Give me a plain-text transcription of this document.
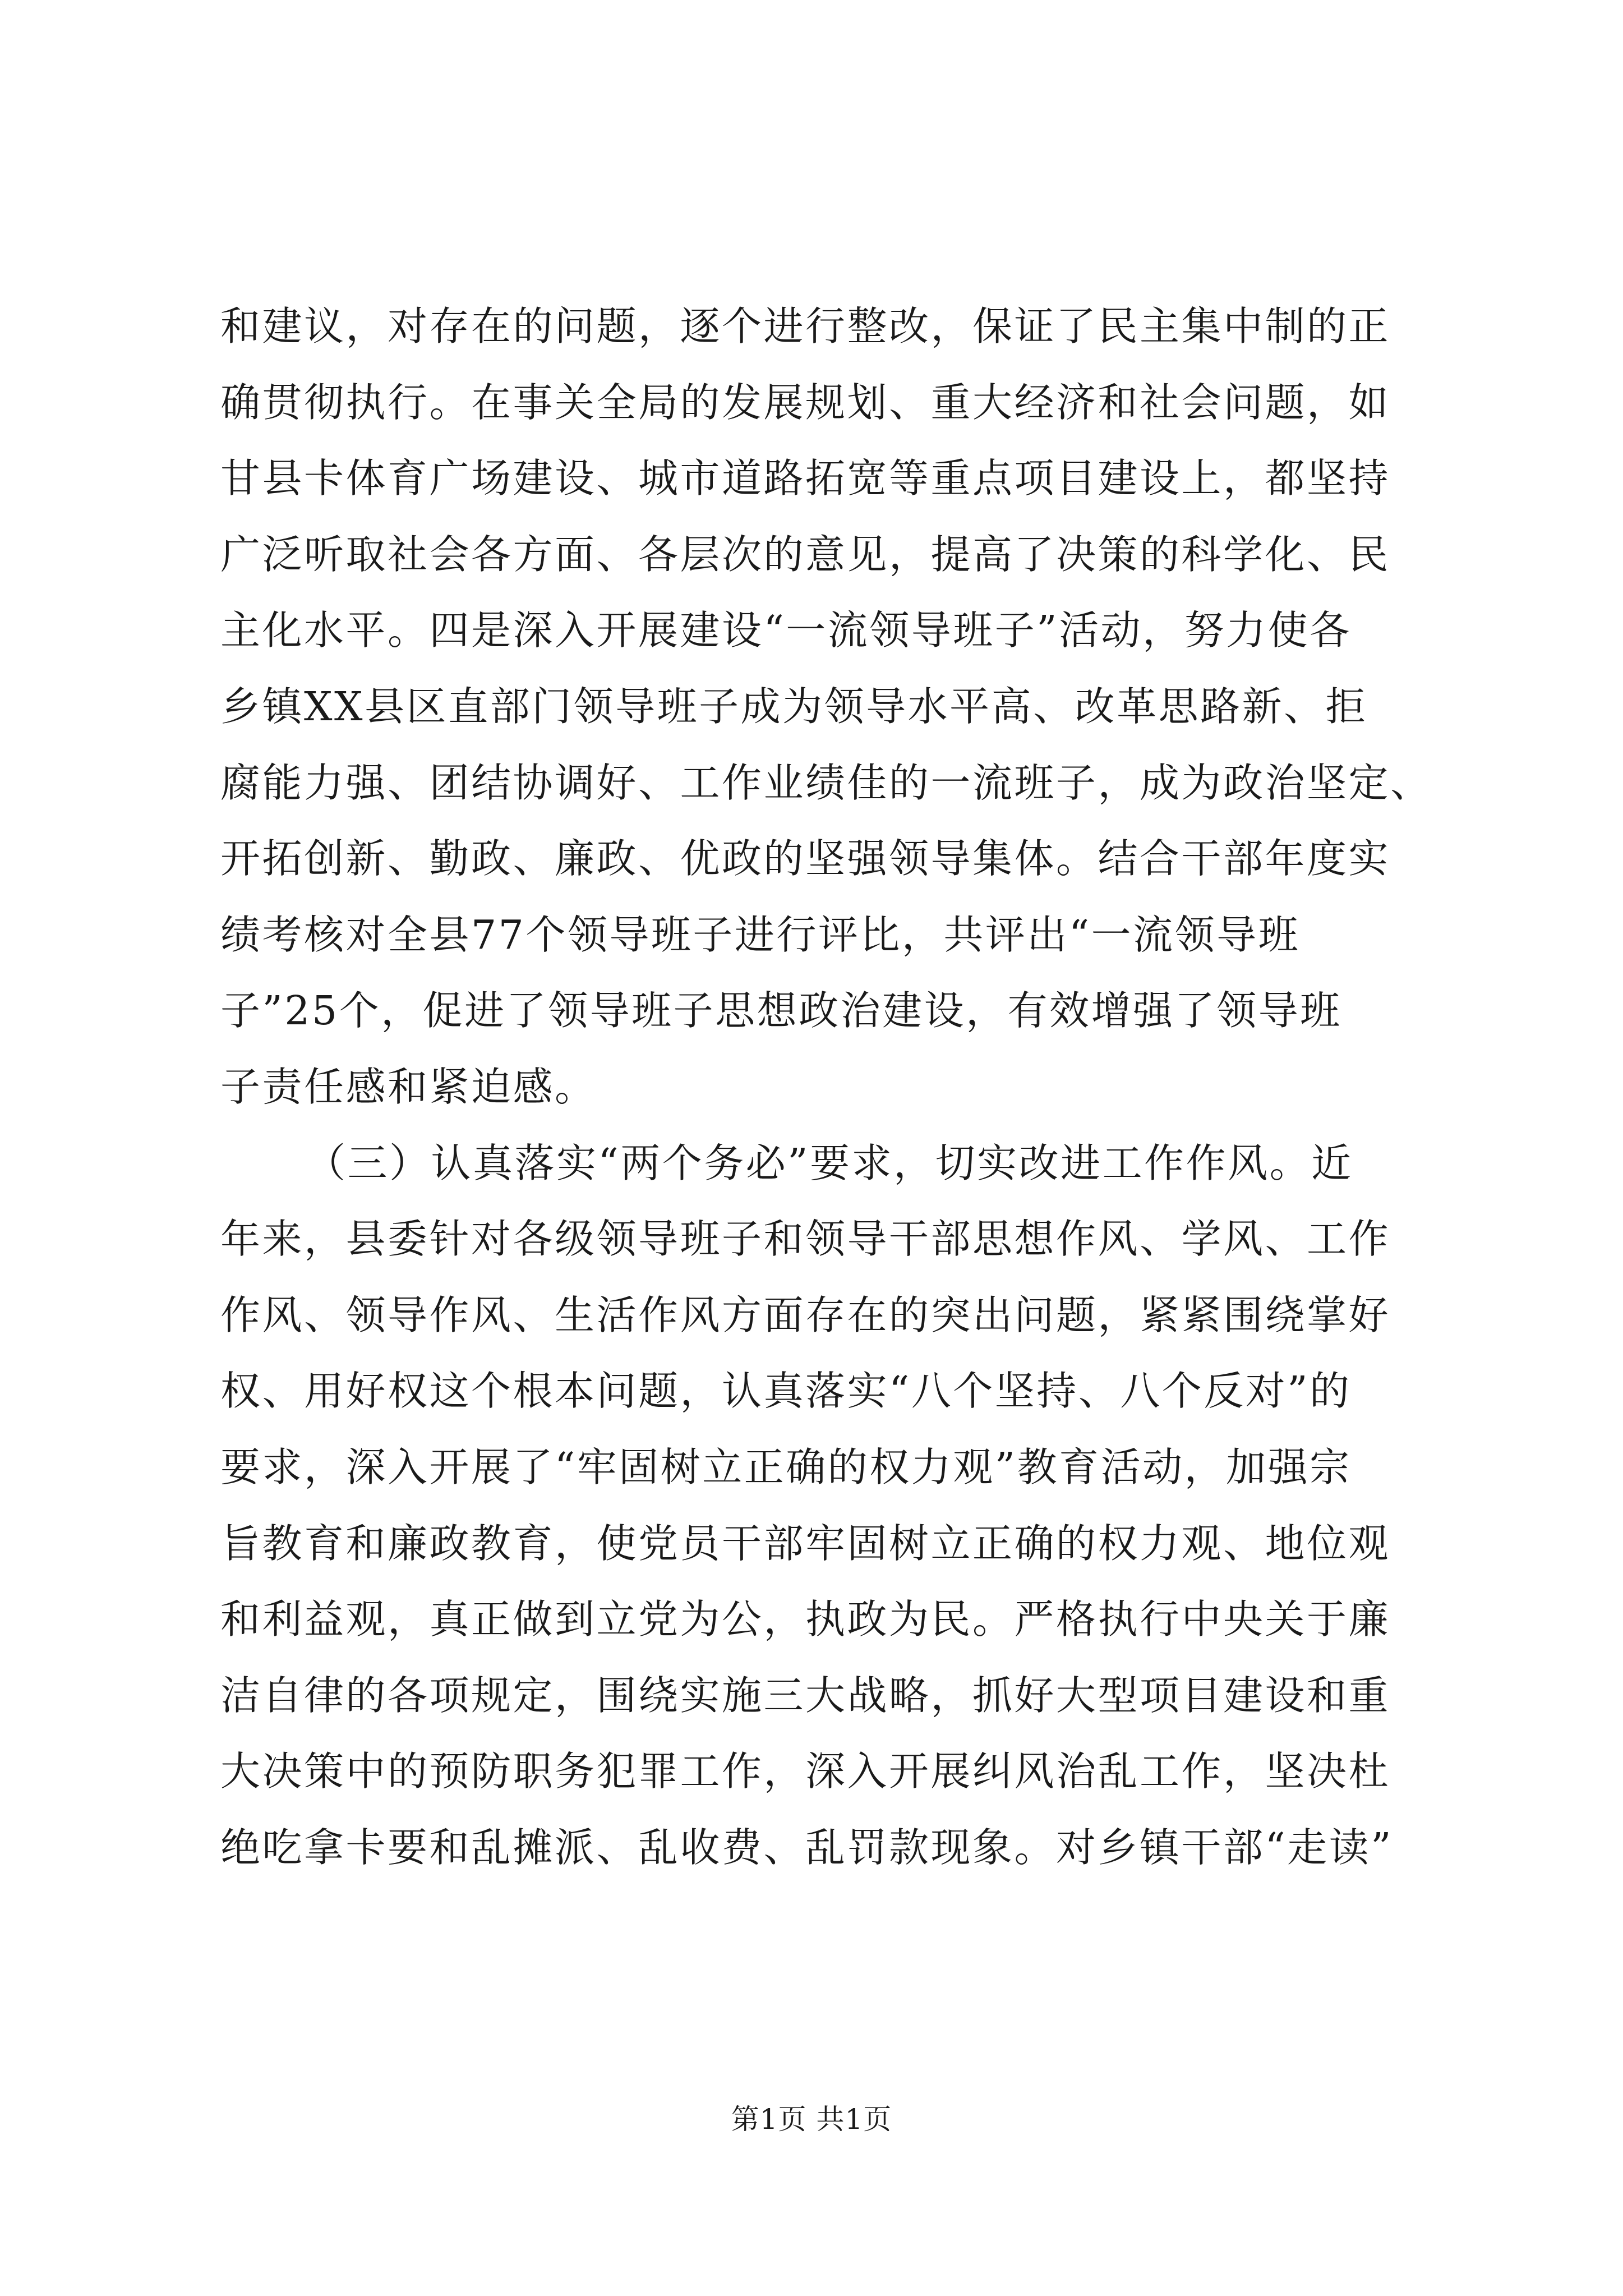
和建议，对存在的问题，逐个进行整改，保证了民主集中制的正
确贯彻执行。在事关全局的发展规划、重大经济和社会问题，如
甘县卡体育广场建设、城市道路拓宽等重点项目建设上，都坚持
广泛听取社会各方面、各层次的意见，提高了决策的科学化、民
主化水平。四是深入开展建设“一流领导班子”活动，努力使各
乡镇XX县区直部门领导班子成为领导水平高、改革思路新、拒
腐能力强、团结协调好、工作业绩佳的一流班子，成为政治坚定、
开拓创新、勤政、廉政、优政的坚强领导集体。结合干部年度实
绩考核对全县77个领导班子进行评比，共评出“一流领导班
子”25个，促进了领导班子思想政治建设，有效增强了领导班
子责任感和紧迫感。
（三）认真落实“两个务必”要求，切实改进工作作风。近
年来，县委针对各级领导班子和领导干部思想作风、学风、工作
作风、领导作风、生活作风方面存在的突出问题，紧紧围绕掌好
权、用好权这个根本问题，认真落实“八个坚持、八个反对”的
要求，深入开展了“牢固树立正确的权力观”教育活动，加强宗
旨教育和廉政教育，使党员干部牢固树立正确的权力观、地位观
和利益观，真正做到立党为公，执政为民。严格执行中央关于廉
洁自律的各项规定，围绕实施三大战略，抓好大型项目建设和重
大决策中的预防职务犯罪工作，深入开展纠风治乱工作，坚决杜
绝吃拿卡要和乱摊派、乱收费、乱罚款现象。对乡镇干部“走读”
第1页 共1页
